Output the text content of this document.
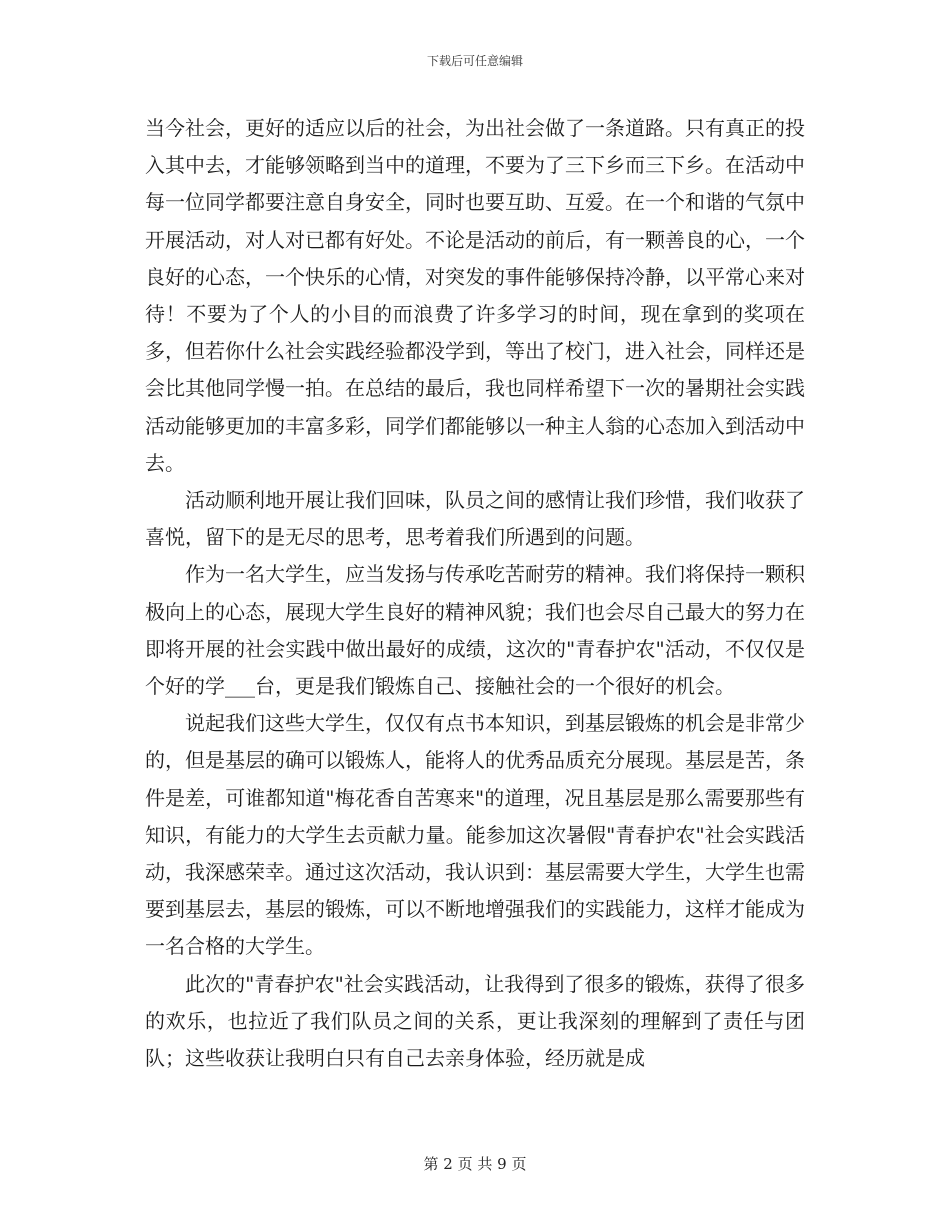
下载后可任意编辑

当今社会，更好的适应以后的社会，为出社会做了一条道路。只有真正的投入其中去，才能够领略到当中的道理，不要为了三下乡而三下乡。在活动中每一位同学都要注意自身安全，同时也要互助、互爱。在一个和谐的气氛中开展活动，对人对已都有好处。不论是活动的前后，有一颗善良的心，一个良好的心态，一个快乐的心情，对突发的事件能够保持冷静，以平常心来对待！不要为了个人的小目的而浪费了许多学习的时间，现在拿到的奖项在多，但若你什么社会实践经验都没学到，等出了校门，进入社会，同样还是会比其他同学慢一拍。在总结的最后，我也同样希望下一次的暑期社会实践活动能够更加的丰富多彩，同学们都能够以一种主人翁的心态加入到活动中去。

活动顺利地开展让我们回味，队员之间的感情让我们珍惜，我们收获了喜悦，留下的是无尽的思考，思考着我们所遇到的问题。

作为一名大学生，应当发扬与传承吃苦耐劳的精神。我们将保持一颗积极向上的心态，展现大学生良好的精神风貌；我们也会尽自己最大的努力在即将开展的社会实践中做出最好的成绩，这次的"青春护农"活动，不仅仅是个好的学___台，更是我们锻炼自己、接触社会的一个很好的机会。

说起我们这些大学生，仅仅有点书本知识，到基层锻炼的机会是非常少的，但是基层的确可以锻炼人，能将人的优秀品质充分展现。基层是苦，条件是差，可谁都知道"梅花香自苦寒来"的道理，况且基层是那么需要那些有知识，有能力的大学生去贡献力量。能参加这次暑假"青春护农"社会实践活动，我深感荣幸。通过这次活动，我认识到：基层需要大学生，大学生也需要到基层去，基层的锻炼，可以不断地增强我们的实践能力，这样才能成为一名合格的大学生。

此次的"青春护农"社会实践活动，让我得到了很多的锻炼，获得了很多的欢乐，也拉近了我们队员之间的关系，更让我深刻的理解到了责任与团队；这些收获让我明白只有自己去亲身体验，经历就是成

第 2 页 共 9 页
